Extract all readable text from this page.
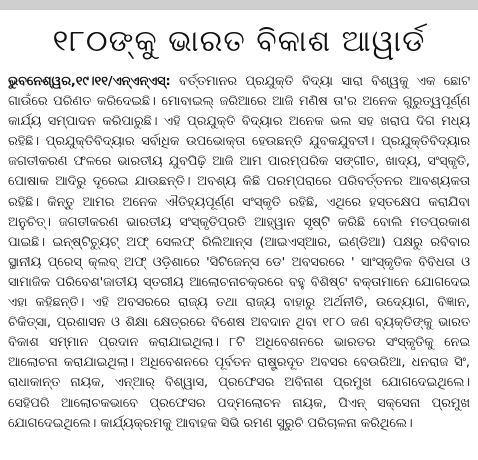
୧୮୦ଙ୍କୁ ଭାରତ ବିକାଶ ଆୱାର୍ଡ
ଭୁବନେଶ୍ୱର,୧୯।୧୧/ଏନ୍‌ଏନ୍‌ଏସ୍‌: ବର୍ତ୍ତମାନର ପ୍ରଯୁକ୍ତି ବିଦ୍ୟା ସାରା ବିଶ୍ୱକୁ ଏକ ଛୋଟ ଗାଉଁରେ ପରିଣତ କରିଦେଇଛି। ମୋବାଇଲ୍‌ ଜରିଆରେ ଆଜି ମଣିଷ ତା'ର ଅନେକ ଗୁରୁତ୍ୱପୂର୍ଣ୍ଣ କାର୍ଯ୍ୟ ସମ୍ପାଦନ କରିପାରୁଛି। ଏହି ପ୍ରଯୁକ୍ତି ବିଦ୍ୟାର ଅନେକ ଭଲ ସହ ଖରାପ ଦିଗ ମଧ୍ୟ ରହିଛି। ପ୍ରଯୁକ୍ତିବିଦ୍ୟାର ସର୍ବାଧିକ ଉପଭୋକ୍ତା ହେଉଛନ୍ତି ଯୁବକଯୁବତୀ। ପ୍ରଯୁକ୍ତିବିଦ୍ୟାର ଜଗତୀକରଣ ଫଳରେ ଭାରତୀୟ ଯୁବପିଢ଼ି ଆଜି ଆମ ପାରମ୍ପରିକ ସଙ୍ଗୀତ, ଖାଦ୍ୟ, ସଂସ୍କୃତି, ପୋଷାକ ଆଦିରୁ ଦୂରେଇ ଯାଉଛନ୍ତି। ଅବଶ୍ୟ କିଛି ପରମ୍ପରାରେ ପରିବର୍ତ୍ତନର ଆବଶ୍ୟକତା ରହିଛି। କିନ୍ତୁ ଆମର ଅନେକ ଐତିହ୍ୟପୂର୍ଣ୍ଣ ସଂସ୍କୃତି ରହିଛି, ଏଥିରେ ହସ୍ତକ୍ଷେପ କରାଯିବା ଅନୁଚିତ୍‌। ଜଗତୀକରଣ ଭାରତୀୟ ସଂସ୍କୃତିପ୍ରତି ଆହ୍ୱାନ ସୃଷ୍ଟି କରିଛି ବୋଲି ମତପ୍ରକାଶ ପାଇଛି। ଇନ୍‌ଷ୍ଟିଚ୍ୟୁଟ୍‌ ଅଫ୍‌ ସେଲଫ୍‌ ରିଲିଆନ୍ସ (ଆଇଏସ୍‌ଆର, ଇଣ୍ଡିଆ) ପକ୍ଷରୁ ରବିବାର ସ୍ଥାନୀୟ ପ୍ରେସ୍‌ କ୍ଲବ୍‌ ଅଫ୍‌ ଓଡ଼ିଶାରେ 'ସିଟିଜେନ୍ସ ଡେ' ଅବସରରେ ' ସାଂସ୍କୃତିକ ବିବିଧତା ଓ ସାମାଜିକ ପରିବେଶ'ଜାତୀୟ ସ୍ତରୀୟ ଆଲୋଚନାଚକ୍ରରେ ବହୁ ବିଶିଷ୍ଟ ବକ୍ତାମାନେ ଯୋଗଦେଇ ଏହା କହିଛନ୍ତି। ଏହି ଅବସରରେ ରାଜ୍ୟ ତଥା ରାଜ୍ୟ ବାହାରୁ ଅର୍ଥନୀତି, ଉଦ୍ୟୋଗ, ବିଜ୍ଞାନ, ଚିକିତ୍ସା, ପ୍ରଶାସନ ଓ ଶିକ୍ଷା କ୍ଷେତ୍ରରେ ବିଶେଷ ଅବଦାନ ଥିବା ୧୮୦ ଜଣ ବ୍ୟକ୍ତିଙ୍କୁ ଭାରତ ବିକାଶ ସମ୍ମାନ ପ୍ରଦାନ କରାଯାଇଥିଲା। ୮ଟି ଅଧିବେଶନରେ ଭାରତର ସଂସ୍କୃତିକୁ ନେଇ ଆଲୋଚନା କରାଯାଇଥିଲା। ଅଧିବେଶନରେ ପୂର୍ବତନ ରାଷ୍ଟ୍ରଦୂତ ଅବସର ବେଉରିଆ, ଧନରାଜ ସିଂ, ରାଧାକାନ୍ତ ନାୟକ, ଏନ୍‌ଆର୍‌ ବିଶ୍ୱାସ, ପ୍ରଫେସର ଅବିନାଶ ପ୍ରମୁଖ ଯୋଗଦେଇଥିଲେ। ସେହିପରି ଆଲୋଚକଭାବେ ପ୍ରଫେସର ପଦ୍ମଲୋଚନ ନାୟକ, ପିଏନ୍‌ ସକ୍ସେନା ପ୍ରମୁଖ ଯୋଗଦେଇଥିଲେ। କାର୍ଯ୍ୟକ୍ରମକୁ ଆବାହକ ସିଭି ରମଣ ସୁରୁଚି ପରିଚାଳନା କରିଥିଲେ।
